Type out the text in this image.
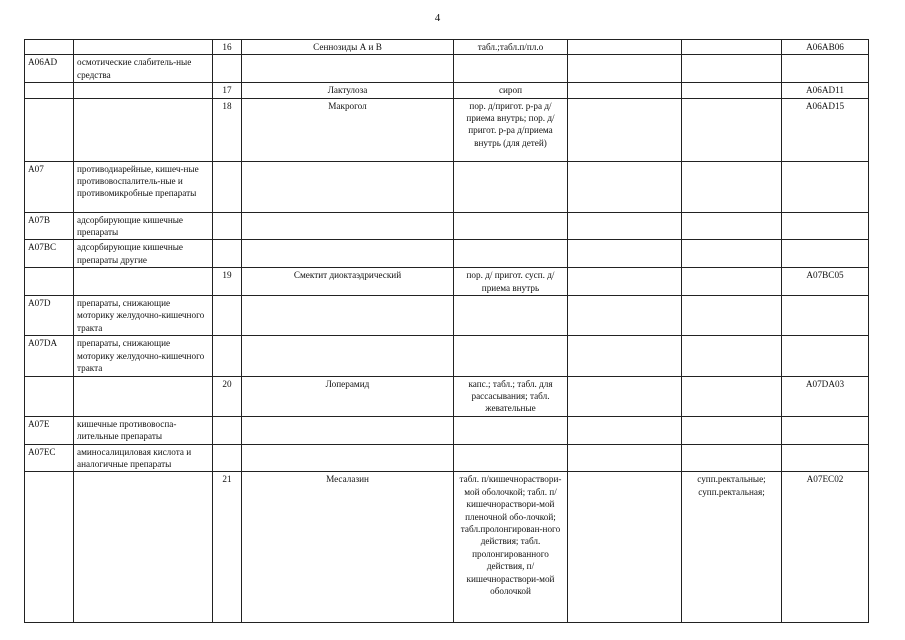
4
		16	Сеннозиды А и В	табл.;табл.п/пл.о			A06AB06
A06AD	осмотические слабитель-ные средства						
		17	Лактулоза	сироп			A06AD11
		18	Макрогол	пор. д/пригот. р-ра д/приема внутрь; пор. д/пригот. р-ра д/приема внутрь (для детей)			A06AD15
A07	противодиарейные, кишеч-ные противовоспалитель-ные и противомикробные препараты						
A07B	адсорбирующие кишечные препараты						
A07BC	адсорбирующие кишечные препараты другие						
		19	Смектит диоктаэдрический	пор. д/ пригот. сусп. д/приема внутрь			A07BC05
A07D	препараты, снижающие моторику желудочно-кишечного тракта						
A07DA	препараты, снижающие моторику желудочно-кишечного тракта						
		20	Лоперамид	капс.; табл.; табл. для рассасывания; табл. жевательные			A07DA03
A07E	кишечные противовоспа-лительные препараты						
A07EC	аминосалициловая кислота и аналогичные препараты						
		21	Месалазин	табл. п/кишечнораствори-мой оболочкой; табл. п/кишечнораствори-мой пленочной обо-лочкой; табл.пролонгирован-ного действия; табл. пролонгированного действия, п/кишечнораствори-мой оболочкой		супп.ректальные; супп.ректальная;	A07EC02
